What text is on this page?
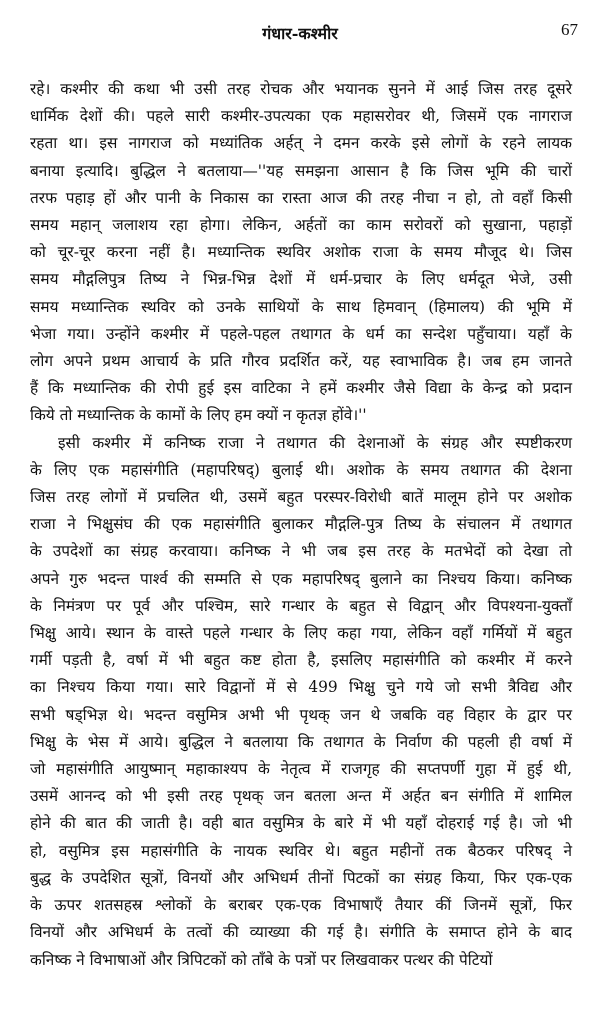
गंधार-कश्मीर	67
रहे। कश्मीर की कथा भी उसी तरह रोचक और भयानक सुनने में आई जिस तरह दूसरे
धार्मिक देशों की। पहले सारी कश्मीर-उपत्यका एक महासरोवर थी, जिसमें एक नागराज
रहता था। इस नागराज को मध्यांतिक अर्हत् ने दमन करके इसे लोगों के रहने लायक
बनाया इत्यादि। बुद्धिल ने बतलाया—''यह समझना आसान है कि जिस भूमि की चारों
तरफ पहाड़ हों और पानी के निकास का रास्ता आज की तरह नीचा न हो, तो वहाँ किसी
समय महान् जलाशय रहा होगा। लेकिन, अर्हतों का काम सरोवरों को सुखाना, पहाड़ों
को चूर-चूर करना नहीं है। मध्यान्तिक स्थविर अशोक राजा के समय मौजूद थे। जिस
समय मौद्गलिपुत्र तिष्य ने भिन्न-भिन्न देशों में धर्म-प्रचार के लिए धर्मदूत भेजे, उसी
समय मध्यान्तिक स्थविर को उनके साथियों के साथ हिमवान् (हिमालय) की भूमि में
भेजा गया। उन्होंने कश्मीर में पहले-पहल तथागत के धर्म का सन्देश पहुँचाया। यहाँ के
लोग अपने प्रथम आचार्य के प्रति गौरव प्रदर्शित करें, यह स्वाभाविक है। जब हम जानते
हैं कि मध्यान्तिक की रोपी हुई इस वाटिका ने हमें कश्मीर जैसे विद्या के केन्द्र को प्रदान
किये तो मध्यान्तिक के कामों के लिए हम क्यों न कृतज्ञ होंवे।''
इसी कश्मीर में कनिष्क राजा ने तथागत की देशनाओं के संग्रह और स्पष्टीकरण
के लिए एक महासंगीति (महापरिषद्) बुलाई थी। अशोक के समय तथागत की देशना
जिस तरह लोगों में प्रचलित थी, उसमें बहुत परस्पर-विरोधी बातें मालूम होने पर अशोक
राजा ने भिक्षुसंघ की एक महासंगीति बुलाकर मौद्गलि-पुत्र तिष्य के संचालन में तथागत
के उपदेशों का संग्रह करवाया। कनिष्क ने भी जब इस तरह के मतभेदों को देखा तो
अपने गुरु भदन्त पार्श्व की सम्मति से एक महापरिषद् बुलाने का निश्चय किया। कनिष्क
के निमंत्रण पर पूर्व और पश्चिम, सारे गन्धार के बहुत से विद्वान् और विपश्यना-युक्ताँ
भिक्षु आये। स्थान के वास्ते पहले गन्धार के लिए कहा गया, लेकिन वहाँ गर्मियों में बहुत
गर्मी पड़ती है, वर्षा में भी बहुत कष्ट होता है, इसलिए महासंगीति को कश्मीर में करने
का निश्चय किया गया। सारे विद्वानों में से 499 भिक्षु चुने गये जो सभी त्रैविद्य और
सभी षड्भिज्ञ थे। भदन्त वसुमित्र अभी भी पृथक् जन थे जबकि वह विहार के द्वार पर
भिक्षु के भेस में आये। बुद्धिल ने बतलाया कि तथागत के निर्वाण की पहली ही वर्षा में
जो महासंगीति आयुष्मान् महाकाश्यप के नेतृत्व में राजगृह की सप्तपर्णी गुहा में हुई थी,
उसमें आनन्द को भी इसी तरह पृथक् जन बतला अन्त में अर्हत बन संगीति में शामिल
होने की बात की जाती है। वही बात वसुमित्र के बारे में भी यहाँ दोहराई गई है। जो भी
हो, वसुमित्र इस महासंगीति के नायक स्थविर थे। बहुत महीनों तक बैठकर परिषद् ने
बुद्ध के उपदेशित सूत्रों, विनयों और अभिधर्म तीनों पिटकों का संग्रह किया, फिर एक-एक
के ऊपर शतसहस्र श्लोकों के बराबर एक-एक विभाषाएँ तैयार कीं जिनमें सूत्रों, फिर
विनयों और अभिधर्म के तत्वों की व्याख्या की गई है। संगीति के समाप्त होने के बाद
कनिष्क ने विभाषाओं और त्रिपिटकों को ताँबे के पत्रों पर लिखवाकर पत्थर की पेटियों
